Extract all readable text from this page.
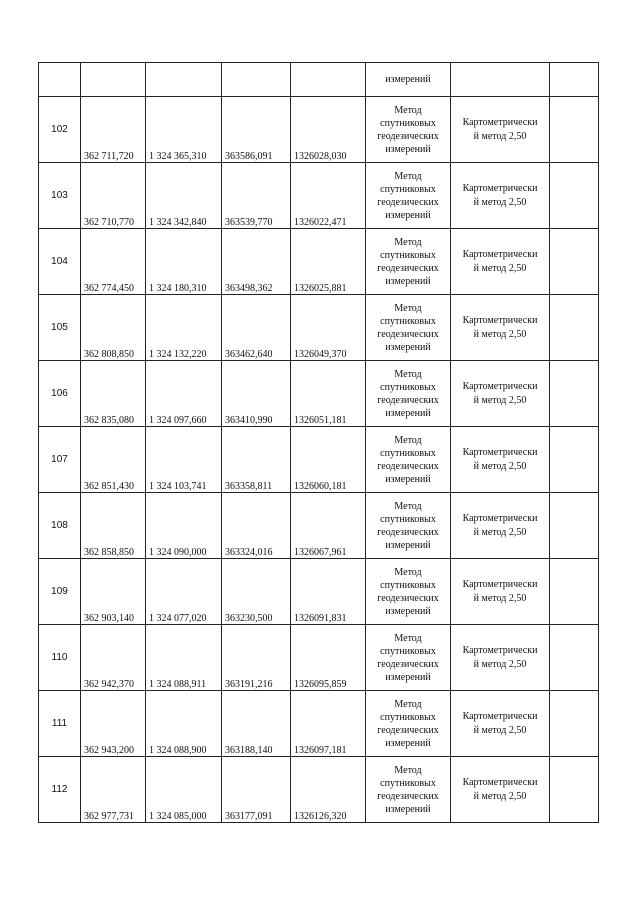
					измерений		
102	362 711,720	1 324 365,310	363586,091	1326028,030	Метод
спутниковых
геодезических
измерений	Картометрически
й метод 2,50	

103	362 710,770	1 324 342,840	363539,770	1326022,471	Метод
спутниковых
геодезических
измерений	Картометрически
й метод 2,50	

104	362 774,450	1 324 180,310	363498,362	1326025,881	Метод
спутниковых
геодезических
измерений	Картометрически
й метод 2,50	

105	362 808,850	1 324 132,220	363462,640	1326049,370	Метод
спутниковых
геодезических
измерений	Картометрически
й метод 2,50	

106	362 835,080	1 324 097,660	363410,990	1326051,181	Метод
спутниковых
геодезических
измерений	Картометрически
й метод 2,50	

107	362 851,430	1 324 103,741	363358,811	1326060,181	Метод
спутниковых
геодезических
измерений	Картометрически
й метод 2,50	

108	362 858,850	1 324 090,000	363324,016	1326067,961	Метод
спутниковых
геодезических
измерений	Картометрически
й метод 2,50	

109	362 903,140	1 324 077,020	363230,500	1326091,831	Метод
спутниковых
геодезических
измерений	Картометрически
й метод 2,50	

110	362 942,370	1 324 088,911	363191,216	1326095,859	Метод
спутниковых
геодезических
измерений	Картометрически
й метод 2,50	

111	362 943,200	1 324 088,900	363188,140	1326097,181	Метод
спутниковых
геодезических
измерений	Картометрически
й метод 2,50	

112	362 977,731	1 324 085,000	363177,091	1326126,320	Метод
спутниковых
геодезических
измерений	Картометрически
й метод 2,50	
